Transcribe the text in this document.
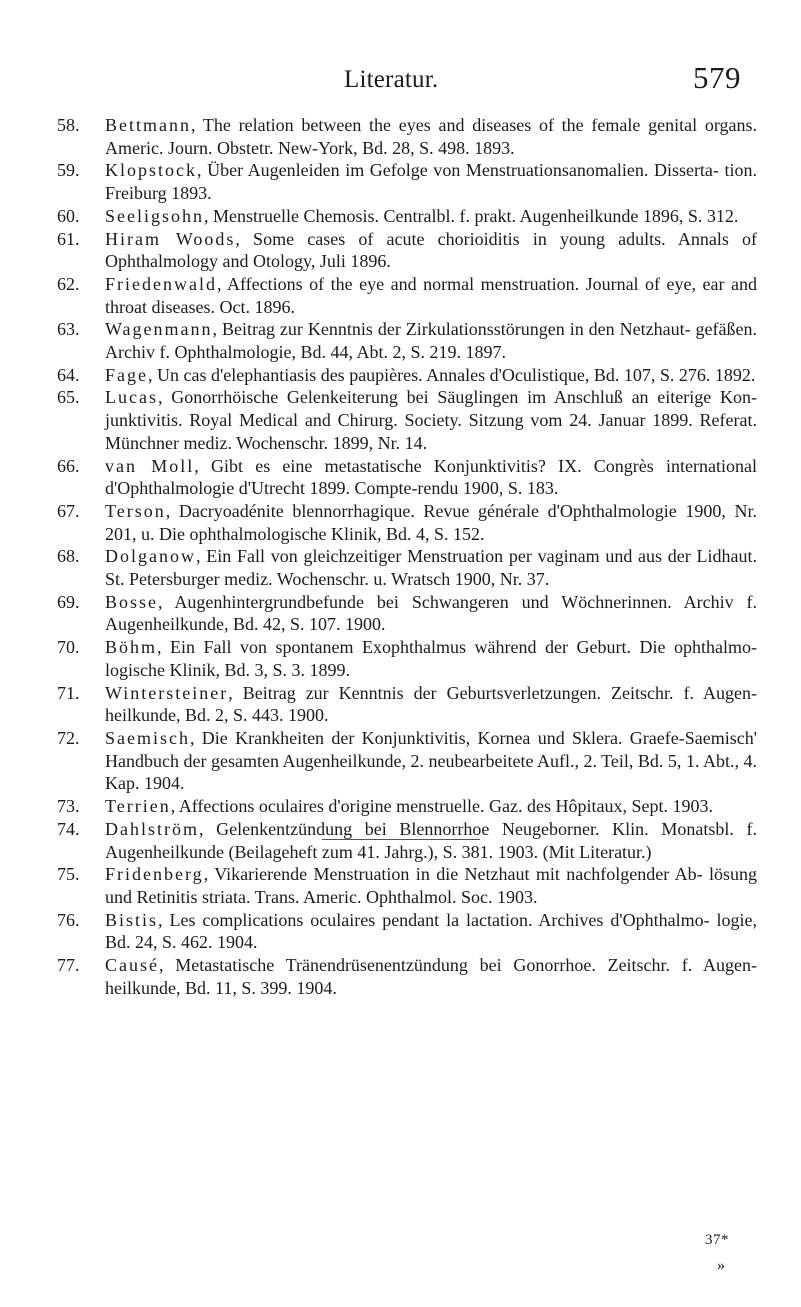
Literatur.	579
58. Bettmann, The relation between the eyes and diseases of the female genital organs. Americ. Journ. Obstetr. New-York, Bd. 28, S. 498. 1893.
59. Klopstock, Über Augenleiden im Gefolge von Menstruationsanomalien. Disserta- tion. Freiburg 1893.
60. Seeligsohn, Menstruelle Chemosis. Centralbl. f. prakt. Augenheilkunde 1896, S. 312.
61. Hiram Woods, Some cases of acute chorioiditis in young adults. Annals of Ophthalmology and Otology, Juli 1896.
62. Friedenwald, Affections of the eye and normal menstruation. Journal of eye, ear and throat diseases. Oct. 1896.
63. Wagenmann, Beitrag zur Kenntnis der Zirkulationsstörungen in den Netzhaut- gefäßen. Archiv f. Ophthalmologie, Bd. 44, Abt. 2, S. 219. 1897.
64. Fage, Un cas d'elephantiasis des paupières. Annales d'Oculistique, Bd. 107, S. 276. 1892.
65. Lucas, Gonorrhöische Gelenkeiterung bei Säuglingen im Anschluß an eiterige Kon- junktivitis. Royal Medical and Chirurg. Society. Sitzung vom 24. Januar 1899. Referat. Münchner mediz. Wochenschr. 1899, Nr. 14.
66. van Moll, Gibt es eine metastatische Konjunktivitis? IX. Congrès international d'Ophthalmologie d'Utrecht 1899. Compte-rendu 1900, S. 183.
67. Terson, Dacryoadénite blennorrhagique. Revue générale d'Ophthalmologie 1900, Nr. 201, u. Die ophthalmologische Klinik, Bd. 4, S. 152.
68. Dolganow, Ein Fall von gleichzeitiger Menstruation per vaginam und aus der Lidhaut. St. Petersburger mediz. Wochenschr. u. Wratsch 1900, Nr. 37.
69. Bosse, Augenhintergrundbefunde bei Schwangeren und Wöchnerinnen. Archiv f. Augenheilkunde, Bd. 42, S. 107. 1900.
70. Böhm, Ein Fall von spontanem Exophthalmus während der Geburt. Die ophthalmo- logische Klinik, Bd. 3, S. 3. 1899.
71. Wintersteiner, Beitrag zur Kenntnis der Geburtsverletzungen. Zeitschr. f. Augen- heilkunde, Bd. 2, S. 443. 1900.
72. Saemisch, Die Krankheiten der Konjunktivitis, Kornea und Sklera. Graefe-Saemisch' Handbuch der gesamten Augenheilkunde, 2. neubearbeitete Aufl., 2. Teil, Bd. 5, 1. Abt., 4. Kap. 1904.
73. Terrien, Affections oculaires d'origine menstruelle. Gaz. des Hôpitaux, Sept. 1903.
74. Dahlström, Gelenkentzündung bei Blennorrhoe Neugeborner. Klin. Monatsbl. f. Augenheilkunde (Beilageheft zum 41. Jahrg.), S. 381. 1903. (Mit Literatur.)
75. Fridenberg, Vikarierende Menstruation in die Netzhaut mit nachfolgender Ab- lösung und Retinitis striata. Trans. Americ. Ophthalmol. Soc. 1903.
76. Bistis, Les complications oculaires pendant la lactation. Archives d'Ophthalmo- logie, Bd. 24, S. 462. 1904.
77. Causé, Metastatische Tränendrüsenentzündung bei Gonorrhoe. Zeitschr. f. Augen- heilkunde, Bd. 11, S. 399. 1904.
37*
»
